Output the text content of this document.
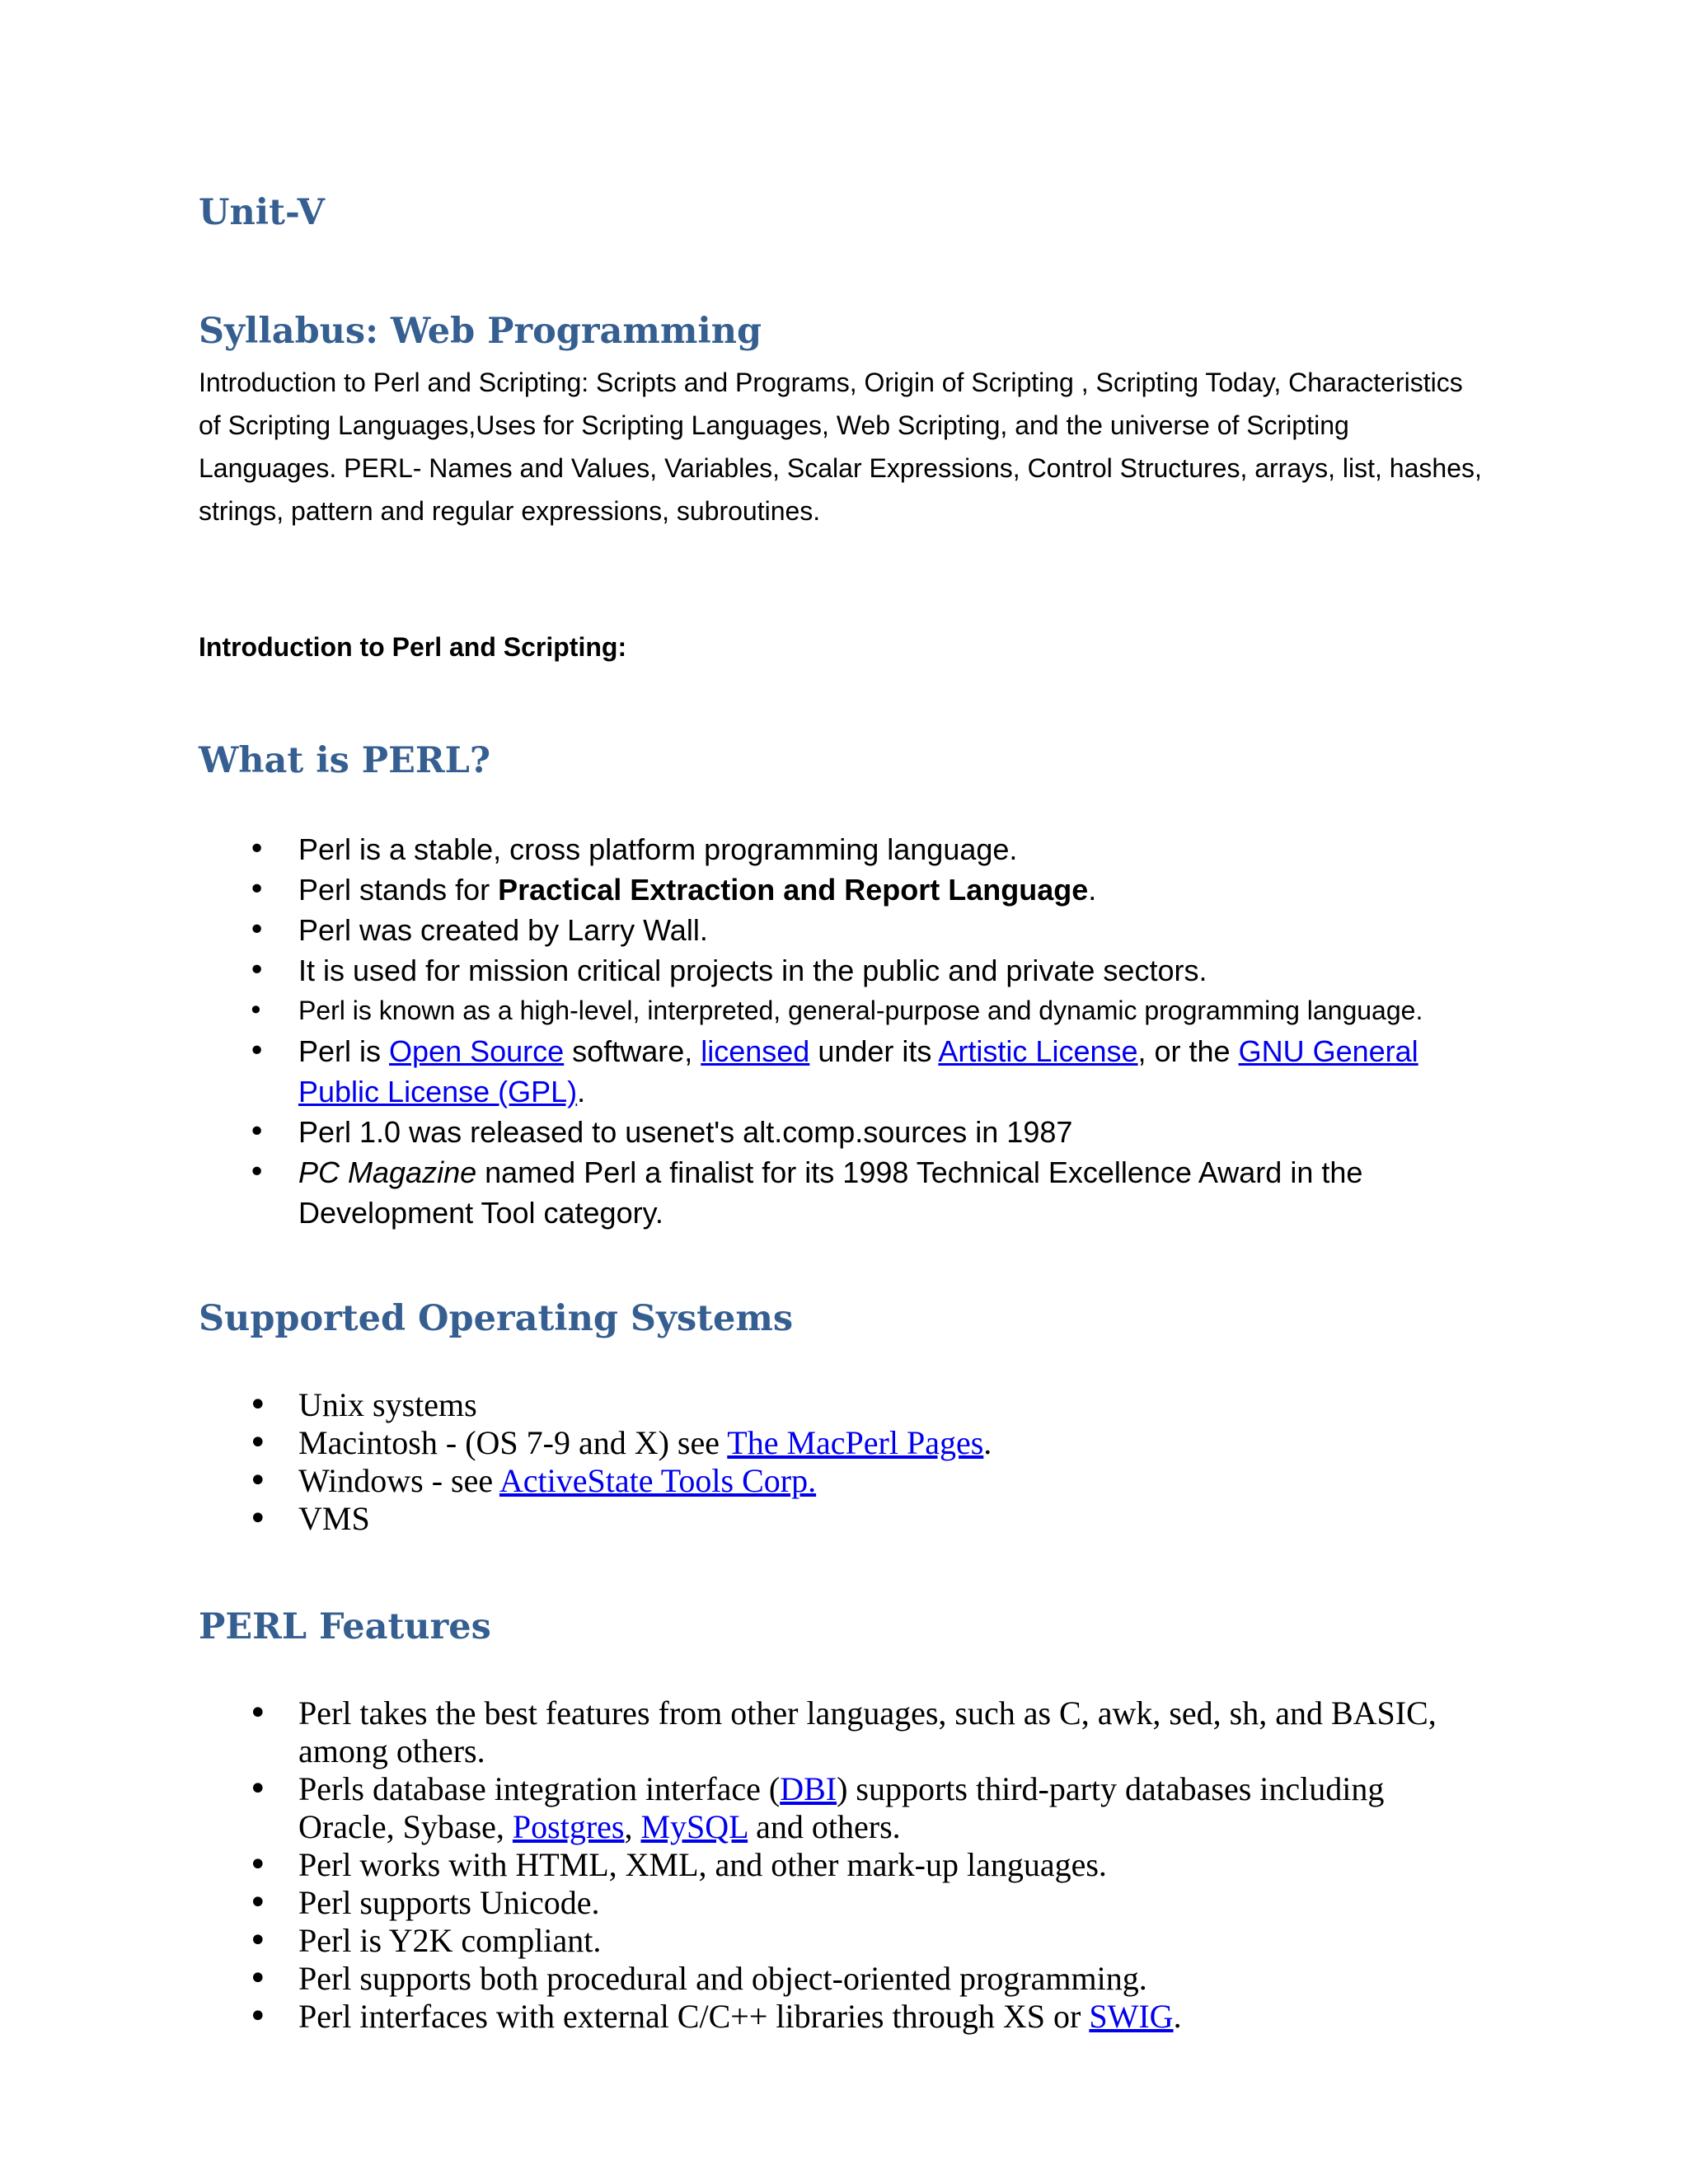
Unit-V
Syllabus: Web Programming

Introduction to Perl and Scripting: Scripts and Programs, Origin of Scripting , Scripting Today, Characteristics of Scripting Languages,Uses for Scripting Languages, Web Scripting, and the universe of Scripting Languages. PERL- Names and Values, Variables, Scalar Expressions, Control Structures, arrays, list, hashes, strings, pattern and regular expressions, subroutines.

Introduction to Perl and Scripting:

What is PERL?
• Perl is a stable, cross platform programming language.
• Perl stands for Practical Extraction and Report Language.
• Perl was created by Larry Wall.
• It is used for mission critical projects in the public and private sectors.
• Perl is known as a high-level, interpreted, general-purpose and dynamic programming language.
• Perl is Open Source software, licensed under its Artistic License, or the GNU General Public License (GPL).
• Perl 1.0 was released to usenet's alt.comp.sources in 1987
• PC Magazine named Perl a finalist for its 1998 Technical Excellence Award in the Development Tool category.
Supported Operating Systems
• Unix systems
• Macintosh - (OS 7-9 and X) see The MacPerl Pages.
• Windows - see ActiveState Tools Corp.
• VMS
PERL Features
• Perl takes the best features from other languages, such as C, awk, sed, sh, and BASIC, among others.
• Perls database integration interface (DBI) supports third-party databases including Oracle, Sybase, Postgres, MySQL and others.
• Perl works with HTML, XML, and other mark-up languages.
• Perl supports Unicode.
• Perl is Y2K compliant.
• Perl supports both procedural and object-oriented programming.
• Perl interfaces with external C/C++ libraries through XS or SWIG.
